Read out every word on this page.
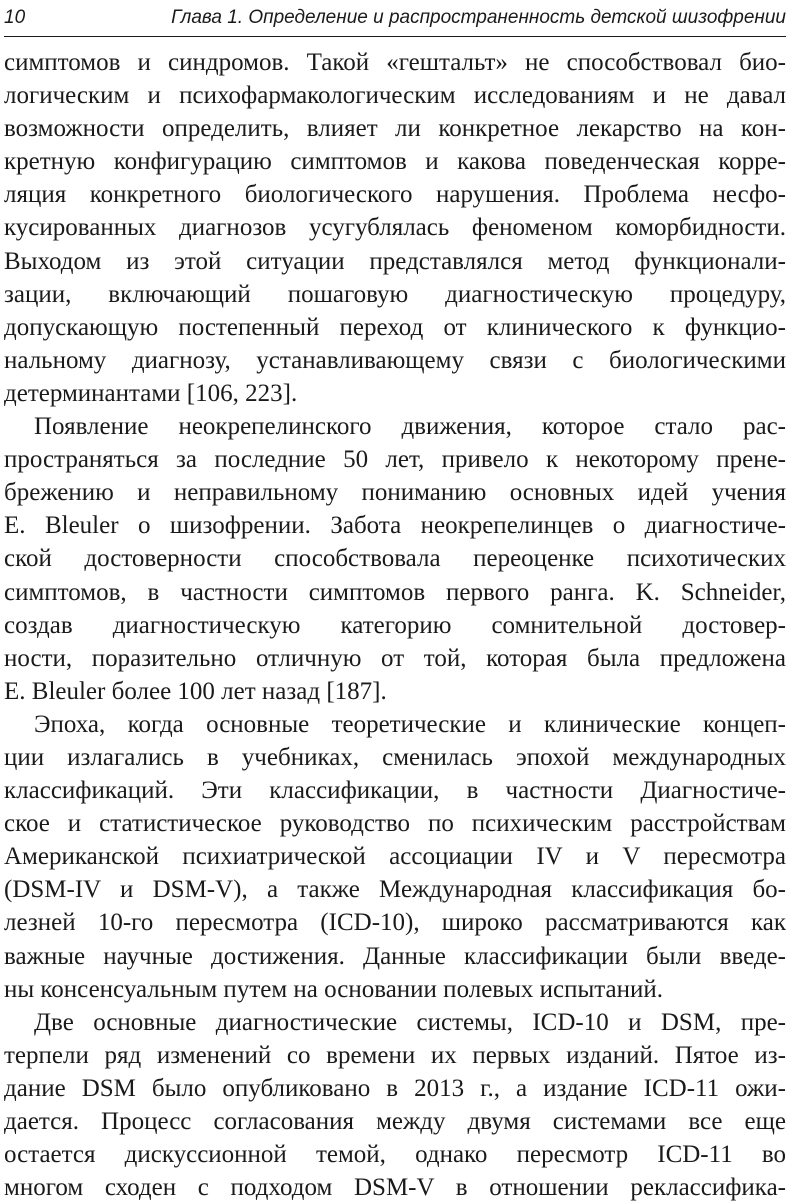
10	Глава 1. Определение и распространенность детской шизофрении
симптомов и синдромов. Такой «гештальт» не способствовал био-
логическим и психофармакологическим исследованиям и не давал
возможности определить, влияет ли конкретное лекарство на кон-
кретную конфигурацию симптомов и какова поведенческая корре-
ляция конкретного биологического нарушения. Проблема несфо-
кусированных диагнозов усугублялась феноменом коморбидности.
Выходом из этой ситуации представлялся метод функционали-
зации, включающий пошаговую диагностическую процедуру,
допускающую постепенный переход от клинического к функцио-
нальному диагнозу, устанавливающему связи с биологическими
детерминантами [106, 223].
Появление неокрепелинского движения, которое стало рас-
пространяться за последние 50 лет, привело к некоторому прене-
брежению и неправильному пониманию основных идей учения
E. Bleuler о шизофрении. Забота неокрепелинцев о диагностиче-
ской достоверности способствовала переоценке психотических
симптомов, в частности симптомов первого ранга. K. Schneider,
создав диагностическую категорию сомнительной достовер-
ности, поразительно отличную от той, которая была предложена
E. Bleuler более 100 лет назад [187].
Эпоха, когда основные теоретические и клинические концеп-
ции излагались в учебниках, сменилась эпохой международных
классификаций. Эти классификации, в частности Диагностиче-
ское и статистическое руководство по психическим расстройствам
Американской психиатрической ассоциации IV и V пересмотра
(DSM-IV и DSM-V), а также Международная классификация бо-
лезней 10-го пересмотра (ICD-10), широко рассматриваются как
важные научные достижения. Данные классификации были введе-
ны консенсуальным путем на основании полевых испытаний.
Две основные диагностические системы, ICD-10 и DSM, пре-
терпели ряд изменений со времени их первых изданий. Пятое из-
дание DSM было опубликовано в 2013 г., а издание ICD-11 ожи-
дается. Процесс согласования между двумя системами все еще
остается дискуссионной темой, однако пересмотр ICD-11 во
многом сходен с подходом DSM-V в отношении реклассифика-
